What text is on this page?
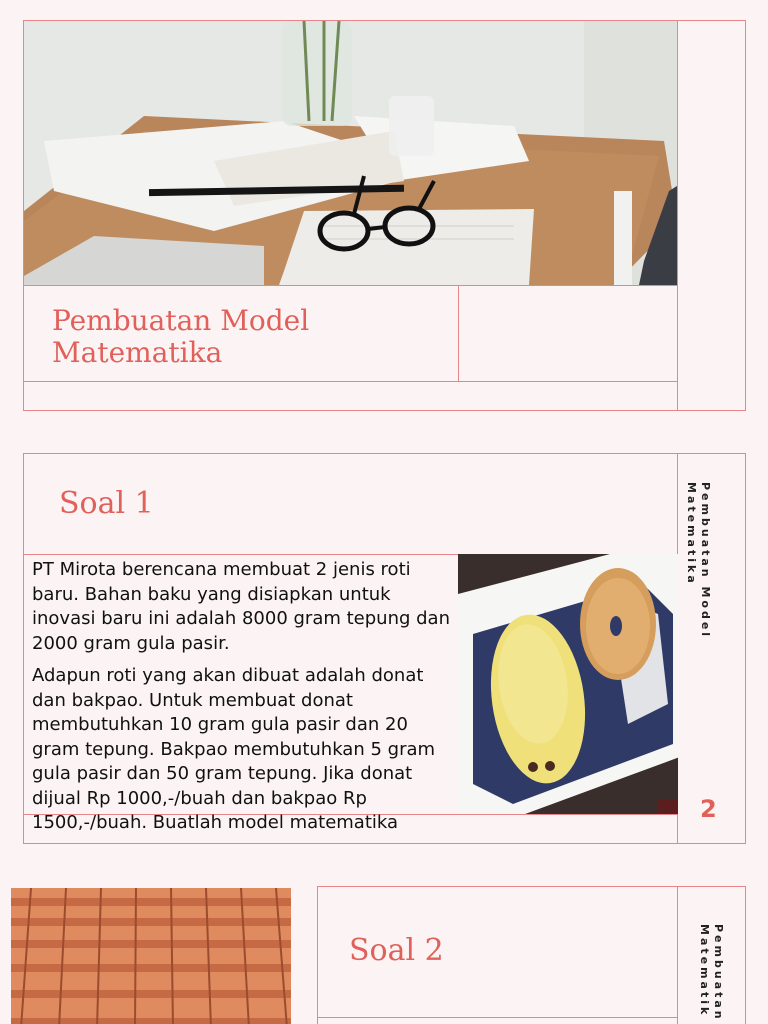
Pembuatan Model
Matematika
Soal 1	Pembuatan Model
Matematika

PT Mirota berencana membuat 2 jenis roti baru. Bahan baku yang disiapkan untuk inovasi baru ini adalah 8000 gram tepung dan 2000 gram gula pasir.

Adapun roti yang akan dibuat adalah donat dan bakpao. Untuk membuat donat membutuhkan 10 gram gula pasir dan 20 gram tepung. Bakpao membutuhkan 5 gram gula pasir dan 50 gram tepung. Jika donat dijual Rp 1000,-/buah dan bakpao Rp 1500,-/buah. Buatlah model matematika	2
Soal 2	Pembuatan
Matematik
